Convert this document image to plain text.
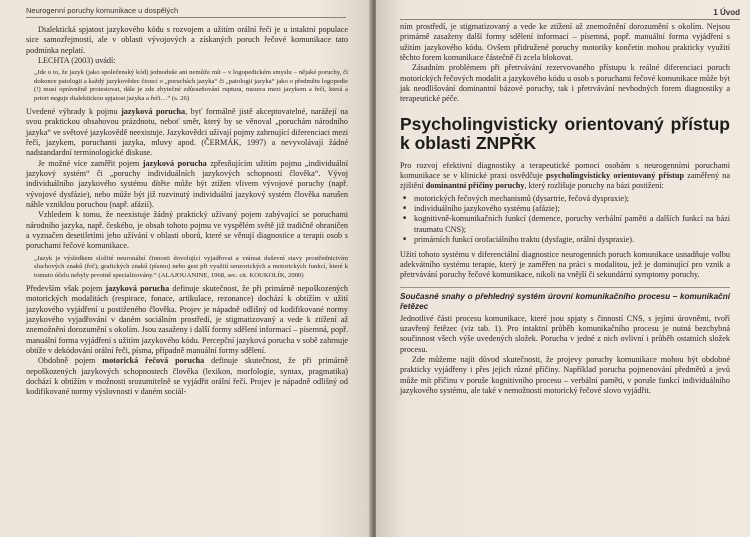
Neurogenní poruchy komunikace u dospělých

Dialektická spjatost jazykového kódu s rozvojem a užitím orální řeči je u intaktní populace sice samozřejmostí, ale v oblasti vývojových a získaných poruch řečové komunikace tato podmínka neplatí.

LECHTA (2003) uvádí:

„Jde o to, že jazyk (jako společenský kód) jednoduše ani nemůže mít – v logopedickém smyslu – nějaké poruchy, či dokonce patologii a každý jazykovědec čtoucí o „poruchách jazyka“ či „patologii jazyka“ jako o předmětu logopedie (!) musí oprávněně protestovat, dále je zde zbytečné zdůrazňování ruptura, mezera mezi jazykem a řečí, která a priori neguje dialektickou spjatost jazyka a řeči…“ (s. 26)

Uvedené výhrady k pojmu jazyková porucha, byť formálně jistě akceptovatelné, narážejí na svou praktickou obsahovou prázdnotu, neboť směr, který by se věnoval „poruchám národního jazyka“ ve světové jazykovědě neexistuje. Jazykovědci užívají pojmy zahrnující diferenciaci mezi řečí, jazykem, poruchami jazyka, mluvy apod. (ČERMÁK, 1997) a nevyvolávají žádné nadstandardní terminologické diskuse.

Je možné více zaměřit pojem jazyková porucha zpřesňujícím užitím pojmu „individuální jazykový systém“ či „poruchy individuálních jazykových schopností člověka“. Vývoj individuálního jazykového systému dítěte může být ztížen vlivem vývojové poruchy (např. vývojové dysfázie), nebo může být již rozvinutý individuální jazykový systém člověka narušen náhle vzniklou poruchou (např. afázií).

Vzhledem k tomu, že neexistuje žádný praktický užívaný pojem zabývající se poruchami národního jazyka, např. českého, je obsah tohoto pojmu ve vyspělém světě již tradičně ohraničen a vyznačen desetiletími jeho užívání v oblasti oborů, které se věnují diagnostice a terapii osob s poruchami řečové komunikace.

„Jazyk je výsledkem složité neuronální činnosti dovolující vyjadřovat a vnímat duševní stavy prostřednictvím sluchových znaků (řeč), grafických znaků (písmo) nebo gest při využití senzorických a motorických funkcí, které k tomuto účelu nebyly prvotně specializovány.“ (ALAJOUANINE, 1968, sec. cit. KOUKOLÍK, 2000)

Především však pojem jazyková porucha definuje skutečnost, že při primárně nepoškozených motorických modalitách (respirace, fonace, artikulace, rezonance) dochází k obtížím v užití jazykového vyjádření u postiženého člověka. Projev je nápadně odlišný od kodifikované normy jazykového vyjadřování v daném sociálním prostředí, je stigmatizovaný a vede k ztížení až znemožnění dorozumění s okolím. Jsou zasaženy i další formy sdělení informací – písemná, popř. manuální forma vyjádření s užitím jazykového kódu. Percepční jazyková porucha v sobě zahrnuje obtíže v dekódování orální řeči, písma, případně manuální formy sdělení.

Obdobně pojem motorická řečová porucha definuje skutečnost, že při primárně nepoškozených jazykových schopnostech člověka (lexikon, morfologie, syntax, pragmatika) dochází k obtížím v možnosti srozumitelně se vyjádřit orální řečí. Projev je nápadně odlišný od kodifikované normy výslovnosti v daném sociál-

1 Úvod

ním prostředí, je stigmatizovaný a vede ke ztížení až znemožnění dorozumění s okolím. Nejsou primárně zasaženy další formy sdělení informací – písemná, popř. manuální forma vyjádření s užitím jazykového kódu. Ovšem přidružené poruchy motoriky končetin mohou prakticky využití těchto forem komunikace částečně či zcela blokovat.

Zásadním problémem při přetrvávání rezervovaného přístupu k reálné diferenciaci poruch motorických řečových modalit a jazykového kódu u osob s poruchami řečové komunikace může být jak neodlišování dominantní bázové poruchy, tak i přetrvávání nevhodných forem diagnostiky a terapeutické péče.

Psycholingvisticky orientovaný přístup k oblasti ZNPŘK

Pro rozvoj efektivní diagnostiky a terapeutické pomoci osobám s neurogenními poruchami komunikace se v klinické praxi osvědčuje psycholingvisticky orientovaný přístup zaměřený na zjištění dominantní příčiny poruchy, který rozlišuje poruchy na bázi postižení:

■ motorických řečových mechanismů (dysartrie, řečová dyspraxie);
■ individuálního jazykového systému (afázie);
■ kognitivně-komunikačních funkcí (demence, poruchy verbální paměti a dalších funkcí na bázi traumatu CNS);
■ primárních funkcí orofaciálního traktu (dysfagie, orální dyspraxie).

Užití tohoto systému v diferenciální diagnostice neurogenních poruch komunikace usnadňuje volbu adekvátního systému terapie, který je zaměřen na práci s modalitou, jež je dominující pro vznik a přetrvávání poruchy řečové komunikace, nikoli na vnější či sekundární symptomy poruchy.

Současné snahy o přehledný systém úrovní komunikačního procesu – komunikační řetězec

Jednotlivé části procesu komunikace, které jsou spjaty s činností CNS, s jejími úrovněmi, tvoří uzavřený řetězec (viz tab. 1). Pro intaktní průběh komunikačního procesu je nutná bezchybná součinnost všech výše uvedených složek. Porucha v jedné z nich ovlivní i průběh ostatních složek procesu.

Zde můžeme najít důvod skutečnosti, že projevy poruchy komunikace mohou být obdobné prakticky vyjádřeny i přes jejich různé příčiny. Například porucha pojmenování předmětů a jevů může mít příčinu v poruše kognitivního procesu – verbální paměti, v poruše funkcí individuálního jazykového systému, ale také v nemožnosti motorický řečové slovo vyjádřit.
